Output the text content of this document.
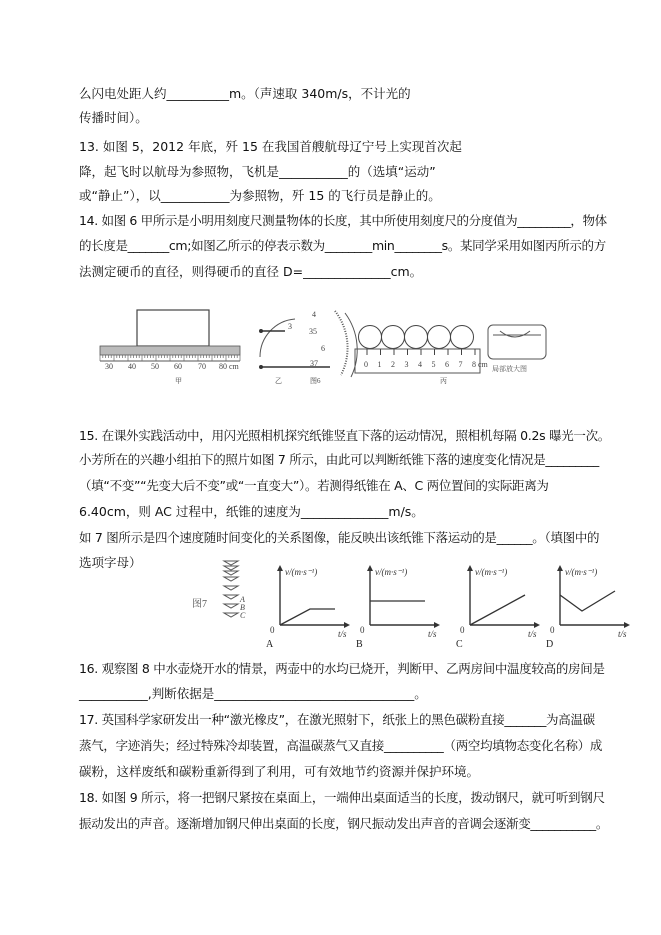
么闪电处距人约__________m。（声速取 340m/s，不计光的
传播时间）。
13. 如图 5，2012 年底，歼 15 在我国首艘航母辽宁号上实现首次起
降，起飞时以航母为参照物，飞机是___________的（选填“运动”
或“静止”），以___________为参照物，歼 15 的飞行员是静止的。
14. 如图 6 甲所示是小明用刻度尺测量物体的长度，其中所使用刻度尺的分度值为_________，物体
的长度是_______cm;如图乙所示的停表示数为________min________s。某同学采用如图丙所示的方
法测定硬币的直径，则得硬币的直径 D=______________cm。
30 40 50 60 70 80 cm
甲
3
4
35
6
37
乙	图6
0 1 2 3 4 5 6 7 8 cm
丙
局部放大图
15. 在课外实践活动中，用闪光照相机探究纸锥竖直下落的运动情况，照相机每隔 0.2s 曝光一次。
小芳所在的兴趣小组拍下的照片如图 7 所示，由此可以判断纸锥下落的速度变化情况是_________
（填“不变”“先变大后不变”或“一直变大”）。若测得纸锥在 A、C 两位置间的实际距离为
6.40cm，则 AC 过程中，纸锥的速度为______________m/s。
如 7 图所示是四个速度随时间变化的关系图像，能反映出该纸锥下落运动的是______。（填图中的
选项字母）
图7	A
B
C
v/(m·s⁻¹)
t/s
0
A
v/(m·s⁻¹)
t/s
0
B
v/(m·s⁻¹)
t/s
0
C
v/(m·s⁻¹)
t/s
0
D
16. 观察图 8 中水壶烧开水的情景，两壶中的水均已烧开，判断甲、乙两房间中温度较高的房间是
___________,判断依据是________________________________。
17. 英国科学家研发出一种“激光橡皮”，在激光照射下，纸张上的黑色碳粉直接_______为高温碳
蒸气，字迹消失；经过特殊冷却装置，高温碳蒸气又直接__________（两空均填物态变化名称）成
碳粉，这样废纸和碳粉重新得到了利用，可有效地节约资源并保护环境。
18. 如图 9 所示，将一把钢尺紧按在桌面上，一端伸出桌面适当的长度，拨动钢尺，就可听到钢尺
振动发出的声音。逐渐增加钢尺伸出桌面的长度，钢尺振动发出声音的音调会逐渐变___________。
